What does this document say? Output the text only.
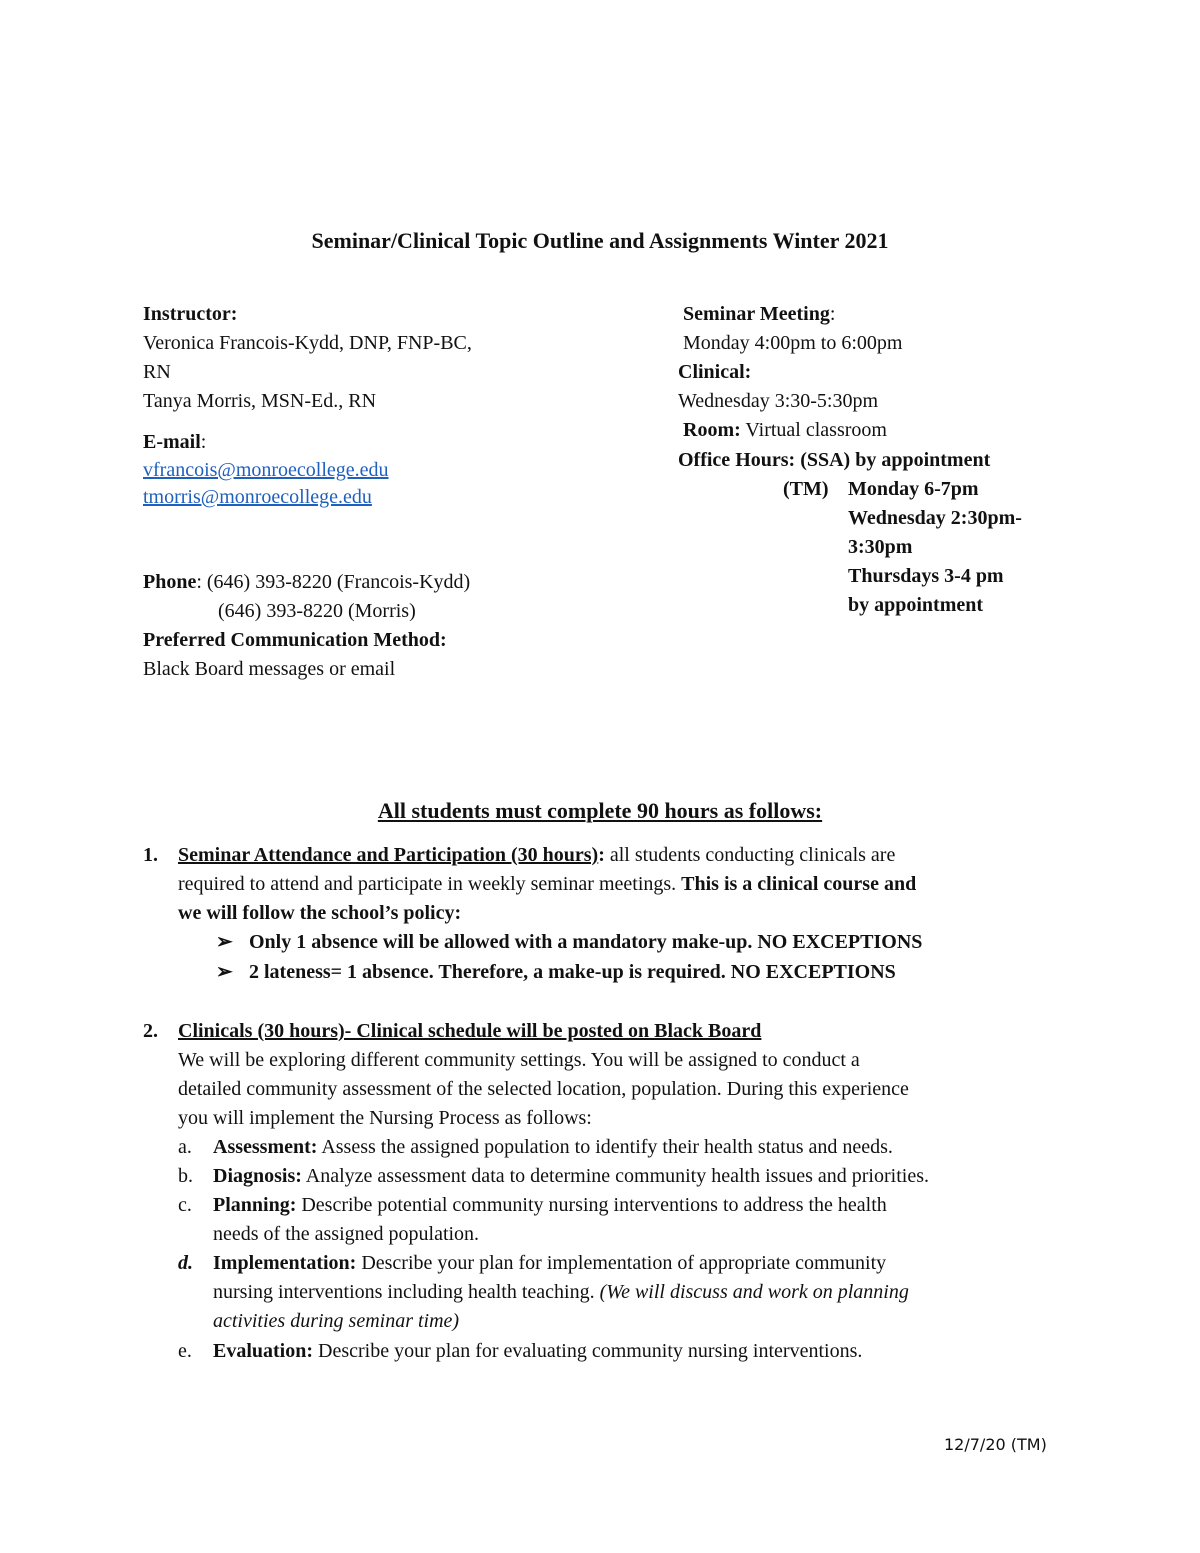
Seminar/Clinical Topic Outline and Assignments Winter 2021
Instructor:
Veronica Francois-Kydd, DNP, FNP-BC,
RN
Tanya Morris, MSN-Ed., RN
E-mail:
vfrancois@monroecollege.edu
tmorris@monroecollege.edu
Phone: (646) 393-8220 (Francois-Kydd)
(646) 393-8220 (Morris)
Preferred Communication Method:
Black Board messages or email
Seminar Meeting:
Monday 4:00pm to 6:00pm
Clinical:
Wednesday 3:30-5:30pm
Room: Virtual classroom
Office Hours: (SSA) by appointment
(TM) Monday 6-7pm
Wednesday 2:30pm-
3:30pm
Thursdays 3-4 pm
by appointment
All students must complete 90 hours as follows:
1. Seminar Attendance and Participation (30 hours): all students conducting clinicals are
required to attend and participate in weekly seminar meetings. This is a clinical course and
we will follow the school’s policy:
➢ Only 1 absence will be allowed with a mandatory make-up. NO EXCEPTIONS
➢ 2 lateness= 1 absence. Therefore, a make-up is required. NO EXCEPTIONS
2. Clinicals (30 hours)- Clinical schedule will be posted on Black Board
We will be exploring different community settings. You will be assigned to conduct a
detailed community assessment of the selected location, population. During this experience
you will implement the Nursing Process as follows:
a. Assessment: Assess the assigned population to identify their health status and needs.
b. Diagnosis: Analyze assessment data to determine community health issues and priorities.
c. Planning: Describe potential community nursing interventions to address the health
needs of the assigned population.
d. Implementation: Describe your plan for implementation of appropriate community
nursing interventions including health teaching. (We will discuss and work on planning
activities during seminar time)
e. Evaluation: Describe your plan for evaluating community nursing interventions.
12/7/20 (TM)
